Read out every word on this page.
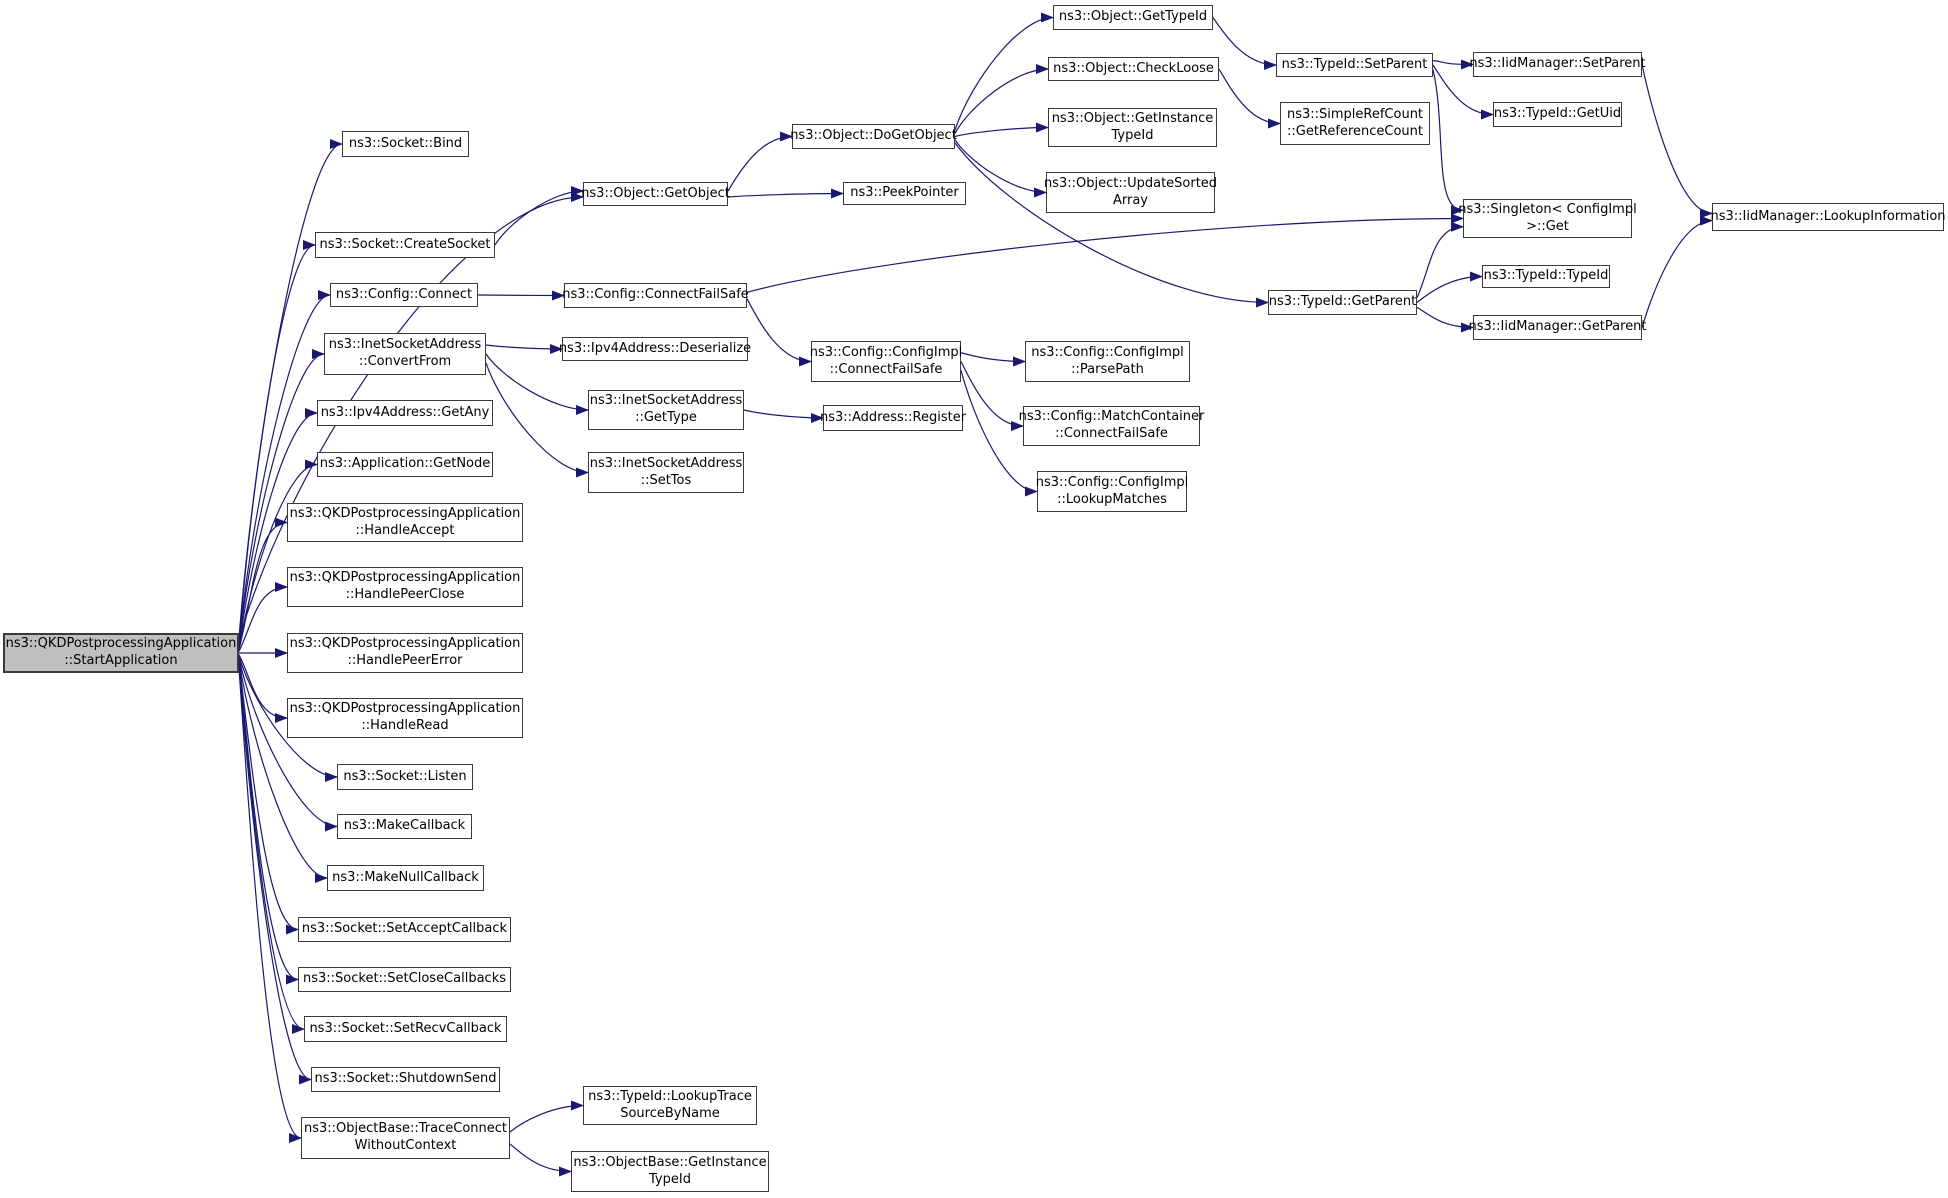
ns3::QKDPostprocessingApplication
::StartApplication
ns3::Socket::Bind
ns3::Object::GetObject
ns3::Socket::CreateSocket
ns3::Config::Connect
ns3::InetSocketAddress
::ConvertFrom
ns3::Ipv4Address::GetAny
ns3::Application::GetNode
ns3::QKDPostprocessingApplication
::HandleAccept
ns3::QKDPostprocessingApplication
::HandlePeerClose
ns3::QKDPostprocessingApplication
::HandlePeerError
ns3::QKDPostprocessingApplication
::HandleRead
ns3::Socket::Listen
ns3::MakeCallback
ns3::MakeNullCallback
ns3::Socket::SetAcceptCallback
ns3::Socket::SetCloseCallbacks
ns3::Socket::SetRecvCallback
ns3::Socket::ShutdownSend
ns3::ObjectBase::TraceConnect
WithoutContext
ns3::Config::ConnectFailSafe
ns3::Ipv4Address::Deserialize
ns3::InetSocketAddress
::GetType
ns3::InetSocketAddress
::SetTos
ns3::Object::DoGetObject
ns3::PeekPointer
ns3::Config::ConfigImpl
::ConnectFailSafe
ns3::Address::Register
ns3::Object::GetTypeId
ns3::Object::CheckLoose
ns3::Object::GetInstance
TypeId
ns3::Object::UpdateSorted
Array
ns3::Config::ConfigImpl
::ParsePath
ns3::Config::MatchContainer
::ConnectFailSafe
ns3::Config::ConfigImpl
::LookupMatches
ns3::TypeId::SetParent
ns3::SimpleRefCount
::GetReferenceCount
ns3::TypeId::GetParent
ns3::IidManager::SetParent
ns3::TypeId::GetUid
ns3::Singleton< ConfigImpl
>::Get
ns3::TypeId::TypeId
ns3::IidManager::GetParent
ns3::IidManager::LookupInformation
ns3::TypeId::LookupTrace
SourceByName
ns3::ObjectBase::GetInstance
TypeId
